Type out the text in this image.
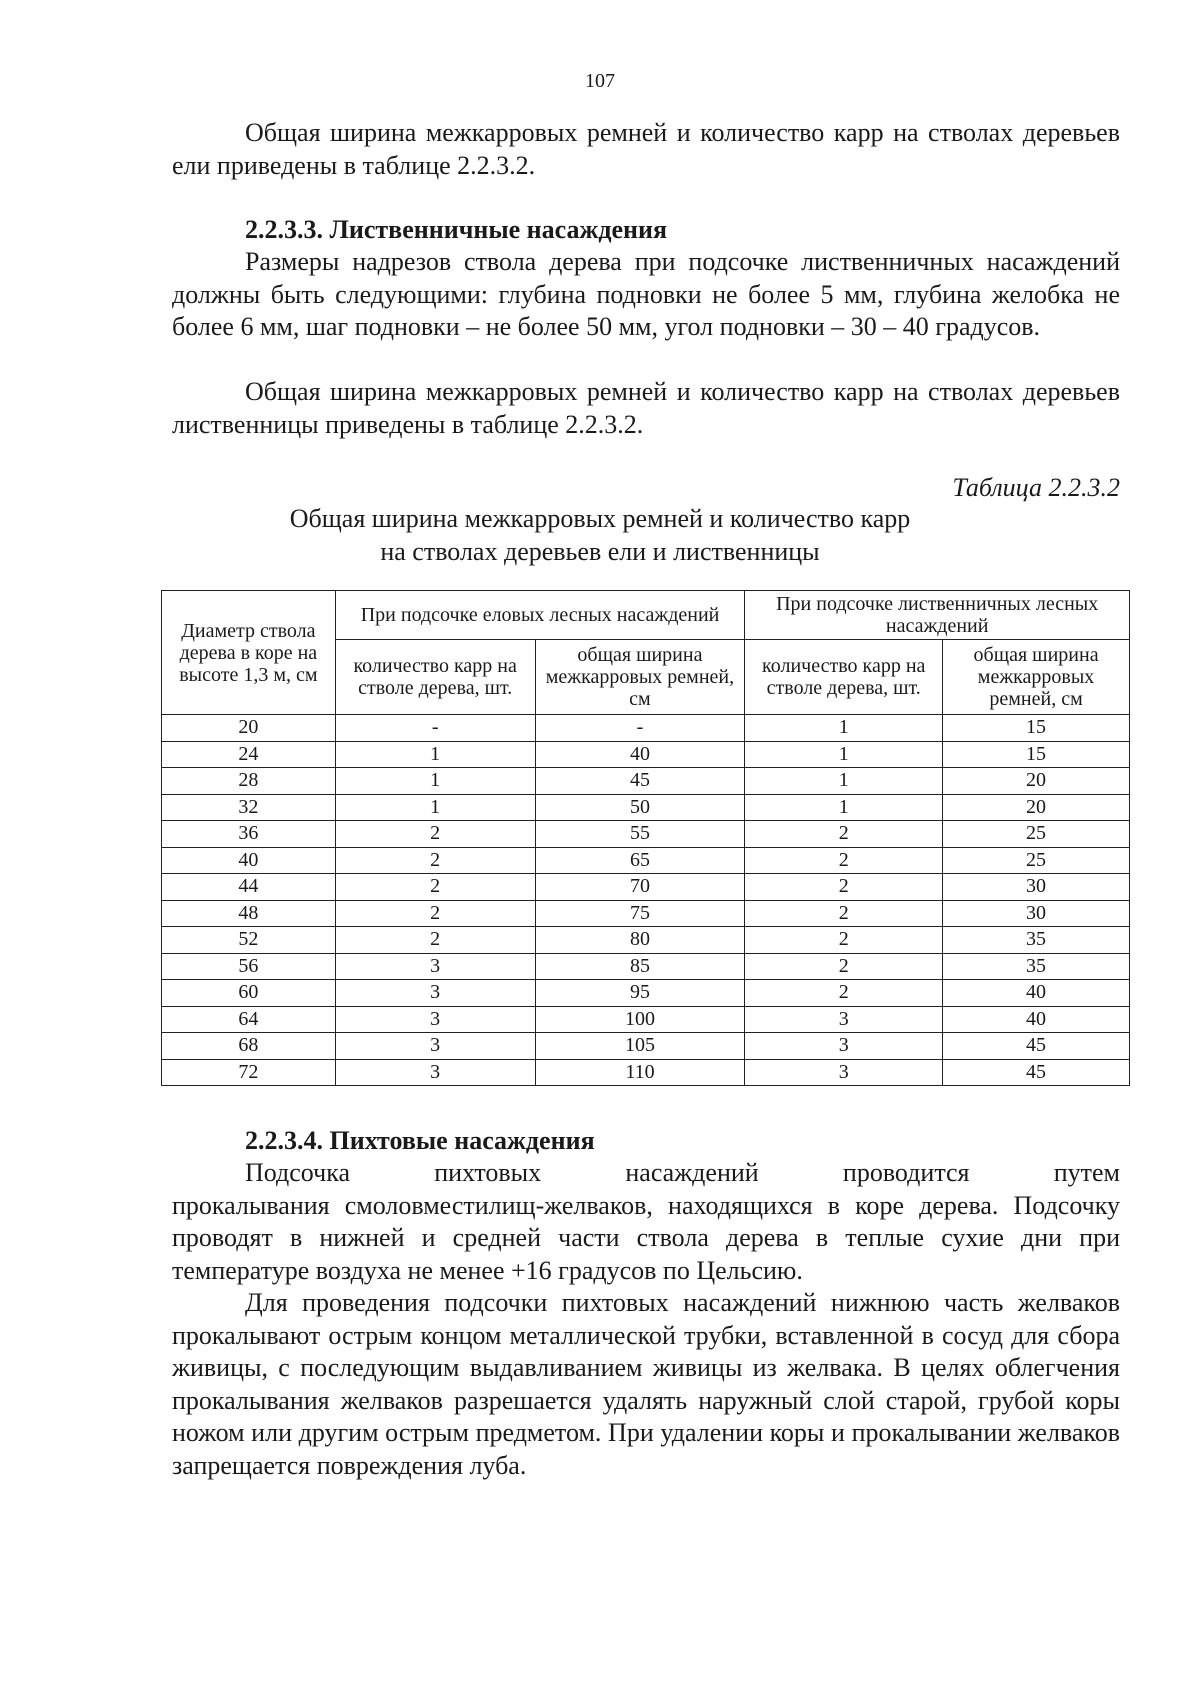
107

Общая ширина межкарровых ремней и количество карр на стволах деревьев ели приведены в таблице 2.2.3.2.

2.2.3.3. Лиственничные насаждения

Размеры надрезов ствола дерева при подсочке лиственничных насаждений должны быть следующими: глубина подновки не более 5 мм, глубина желобка не более 6 мм, шаг подновки – не более 50 мм, угол подновки – 30 – 40 градусов.

Общая ширина межкарровых ремней и количество карр на стволах деревьев лиственницы приведены в таблице 2.2.3.2.

Таблица 2.2.3.2
Общая ширина межкарровых ремней и количество карр
на стволах деревьев ели и лиственницы
Диаметр ствола дерева в коре на высоте 1,3 м, см	При подсочке еловых лесных насаждений		При подсочке лиственничных лесных насаждений	
	количество карр на стволе дерева, шт.	общая ширина межкарровых ремней, см	количество карр на стволе дерева, шт.	общая ширина межкарровых ремней, см
20	-	-	1	15
24	1	40	1	15
28	1	45	1	20
32	1	50	1	20
36	2	55	2	25
40	2	65	2	25
44	2	70	2	30
48	2	75	2	30
52	2	80	2	35
56	3	85	2	35
60	3	95	2	40
64	3	100	3	40
68	3	105	3	45
72	3	110	3	45
2.2.3.4. Пихтовые насаждения

Подсочка пихтовых насаждений проводится путем

прокалывания смоловместилищ-желваков, находящихся в коре дерева. Подсочку проводят в нижней и средней части ствола дерева в теплые сухие дни при температуре воздуха не менее +16 градусов по Цельсию.

Для проведения подсочки пихтовых насаждений нижнюю часть желваков прокалывают острым концом металлической трубки, вставленной в сосуд для сбора живицы, с последующим выдавливанием живицы из желвака. В целях облегчения прокалывания желваков разрешается удалять наружный слой старой, грубой коры ножом или другим острым предметом. При удалении коры и прокалывании желваков запрещается повреждения луба.
